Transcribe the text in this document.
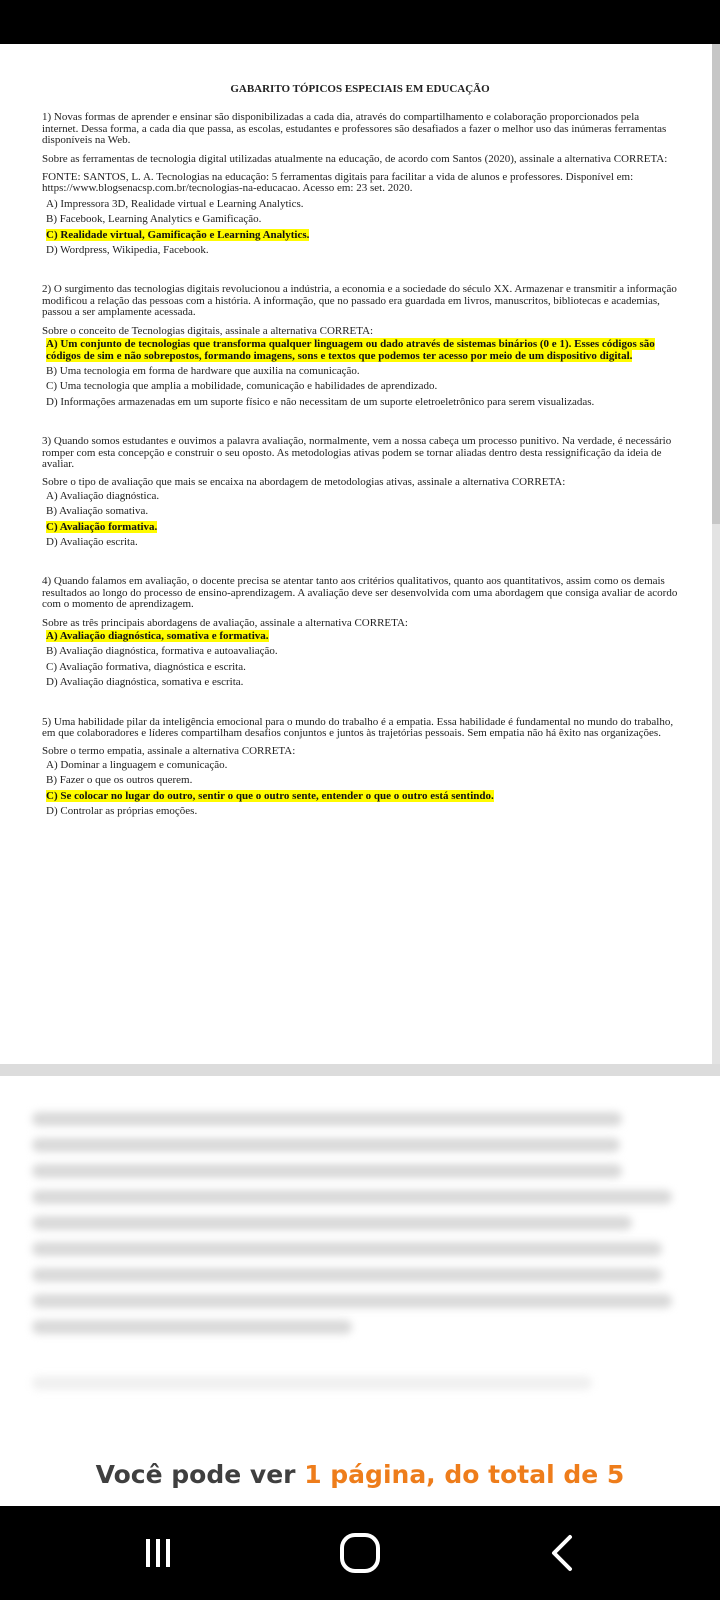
GABARITO TÓPICOS ESPECIAIS EM EDUCAÇÃO

1) Novas formas de aprender e ensinar são disponibilizadas a cada dia, através do compartilhamento e colaboração proporcionados pela internet. Dessa forma, a cada dia que passa, as escolas, estudantes e professores são desafiados a fazer o melhor uso das inúmeras ferramentas disponíveis na Web.

Sobre as ferramentas de tecnologia digital utilizadas atualmente na educação, de acordo com Santos (2020), assinale a alternativa CORRETA:

FONTE: SANTOS, L. A. Tecnologias na educação: 5 ferramentas digitais para facilitar a vida de alunos e professores. Disponível em: https://www.blogsenacsp.com.br/tecnologias-na-educacao. Acesso em: 23 set. 2020.

A) Impressora 3D, Realidade virtual e Learning Analytics.
B) Facebook, Learning Analytics e Gamificação.
C) Realidade virtual, Gamificação e Learning Analytics.
D) Wordpress, Wikipedia, Facebook.

2) O surgimento das tecnologias digitais revolucionou a indústria, a economia e a sociedade do século XX. Armazenar e transmitir a informação modificou a relação das pessoas com a história. A informação, que no passado era guardada em livros, manuscritos, bibliotecas e academias, passou a ser amplamente acessada.

Sobre o conceito de Tecnologias digitais, assinale a alternativa CORRETA:

A) Um conjunto de tecnologias que transforma qualquer linguagem ou dado através de sistemas binários (0 e 1). Esses códigos são códigos de sim e não sobrepostos, formando imagens, sons e textos que podemos ter acesso por meio de um dispositivo digital.
B) Uma tecnologia em forma de hardware que auxilia na comunicação.
C) Uma tecnologia que amplia a mobilidade, comunicação e habilidades de aprendizado.
D) Informações armazenadas em um suporte físico e não necessitam de um suporte eletroeletrônico para serem visualizadas.

3) Quando somos estudantes e ouvimos a palavra avaliação, normalmente, vem a nossa cabeça um processo punitivo. Na verdade, é necessário romper com esta concepção e construir o seu oposto. As metodologias ativas podem se tornar aliadas dentro desta ressignificação da ideia de avaliar.

Sobre o tipo de avaliação que mais se encaixa na abordagem de metodologias ativas, assinale a alternativa CORRETA:

A) Avaliação diagnóstica.
B) Avaliação somativa.
C) Avaliação formativa.
D) Avaliação escrita.

4) Quando falamos em avaliação, o docente precisa se atentar tanto aos critérios qualitativos, quanto aos quantitativos, assim como os demais resultados ao longo do processo de ensino-aprendizagem. A avaliação deve ser desenvolvida com uma abordagem que consiga avaliar de acordo com o momento de aprendizagem.

Sobre as três principais abordagens de avaliação, assinale a alternativa CORRETA:

A) Avaliação diagnóstica, somativa e formativa.
B) Avaliação diagnóstica, formativa e autoavaliação.
C) Avaliação formativa, diagnóstica e escrita.
D) Avaliação diagnóstica, somativa e escrita.

5) Uma habilidade pilar da inteligência emocional para o mundo do trabalho é a empatia. Essa habilidade é fundamental no mundo do trabalho, em que colaboradores e líderes compartilham desafios conjuntos e juntos às trajetórias pessoais. Sem empatia não há êxito nas organizações.

Sobre o termo empatia, assinale a alternativa CORRETA:

A) Dominar a linguagem e comunicação.
B) Fazer o que os outros querem.
C) Se colocar no lugar do outro, sentir o que o outro sente, entender o que o outro está sentindo.
D) Controlar as próprias emoções.
Você pode ver 1 página, do total de 5
